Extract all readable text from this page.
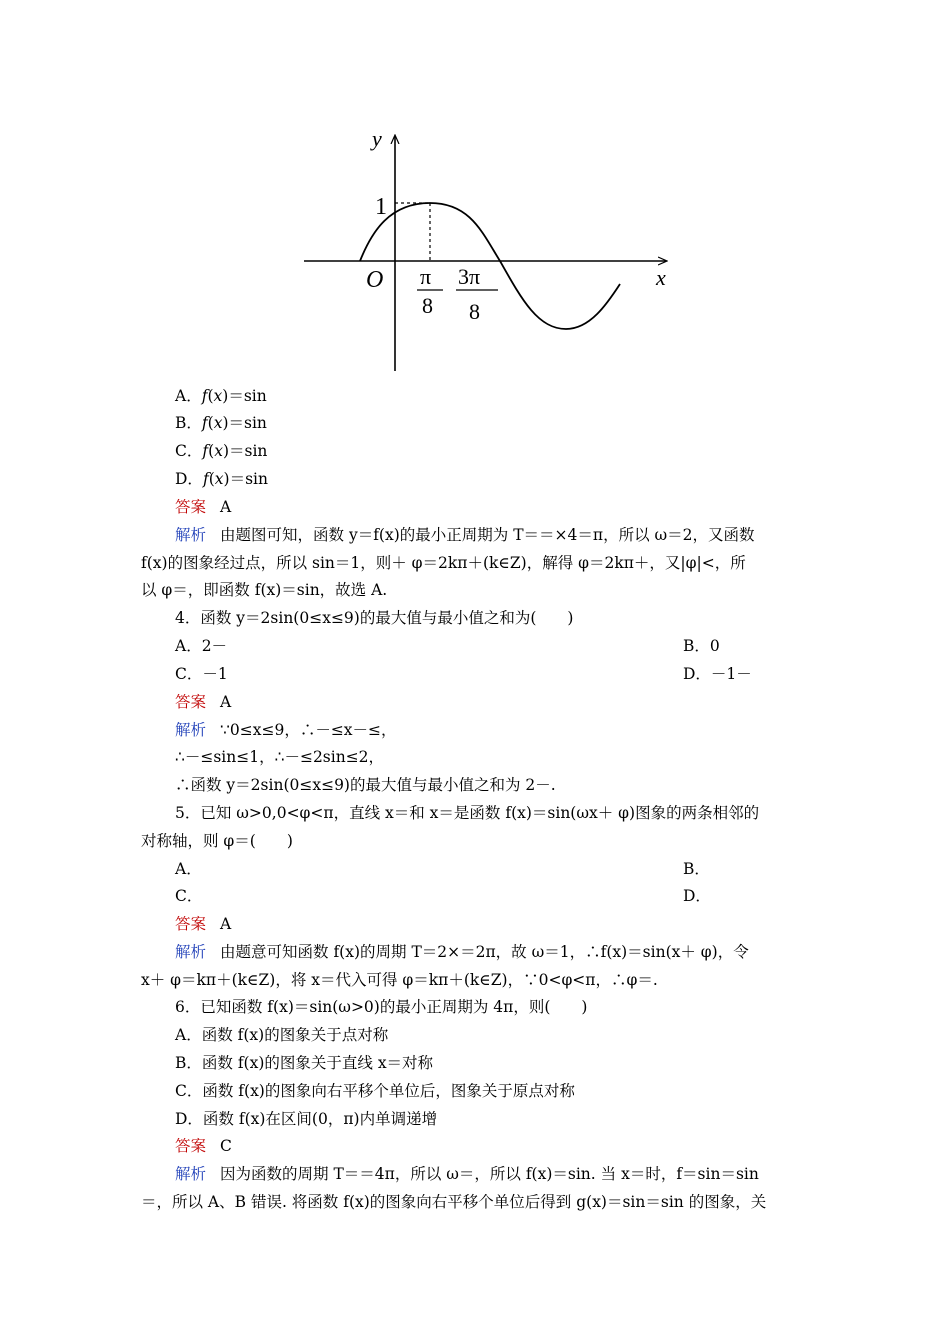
y
x
1
O π
8
3π
8
A．f(x)＝sin
B．f(x)＝sin
C．f(x)＝sin
D．f(x)＝sin
答案 A
解析 由题图可知，函数 y＝f(x)的最小正周期为 T＝＝×4＝π，所以 ω＝2，又函数
f(x)的图象经过点，所以 sin＝1，则＋ φ＝2kπ＋(k∈Z)，解得 φ＝2kπ＋，又|φ|<，所
以 φ＝，即函数 f(x)＝sin，故选 A.
4．函数 y＝2sin(0≤x≤9)的最大值与最小值之和为(　　)
A．2－	B．0
C．－1	D．－1－
答案 A
解析 ∵0≤x≤9，∴－≤x－≤，
∴－≤sin≤1，∴－≤2sin≤2，
∴函数 y＝2sin(0≤x≤9)的最大值与最小值之和为 2－.
5．已知 ω>0,0<φ<π，直线 x＝和 x＝是函数 f(x)＝sin(ωx＋ φ)图象的两条相邻的
对称轴，则 φ＝(　　)
A．	B．
C．	D．
答案 A
解析 由题意可知函数 f(x)的周期 T＝2×＝2π，故 ω＝1，∴f(x)＝sin(x＋ φ)，令
x＋ φ＝kπ＋(k∈Z)，将 x＝代入可得 φ＝kπ＋(k∈Z)，∵0<φ<π，∴φ＝.
6．已知函数 f(x)＝sin(ω>0)的最小正周期为 4π，则(　　)
A．函数 f(x)的图象关于点对称
B．函数 f(x)的图象关于直线 x＝对称
C．函数 f(x)的图象向右平移个单位后，图象关于原点对称
D．函数 f(x)在区间(0，π)内单调递增
答案 C
解析 因为函数的周期 T＝＝4π，所以 ω＝，所以 f(x)＝sin. 当 x＝时，f＝sin＝sin
＝，所以 A、B 错误. 将函数 f(x)的图象向右平移个单位后得到 g(x)＝sin＝sin 的图象，关
